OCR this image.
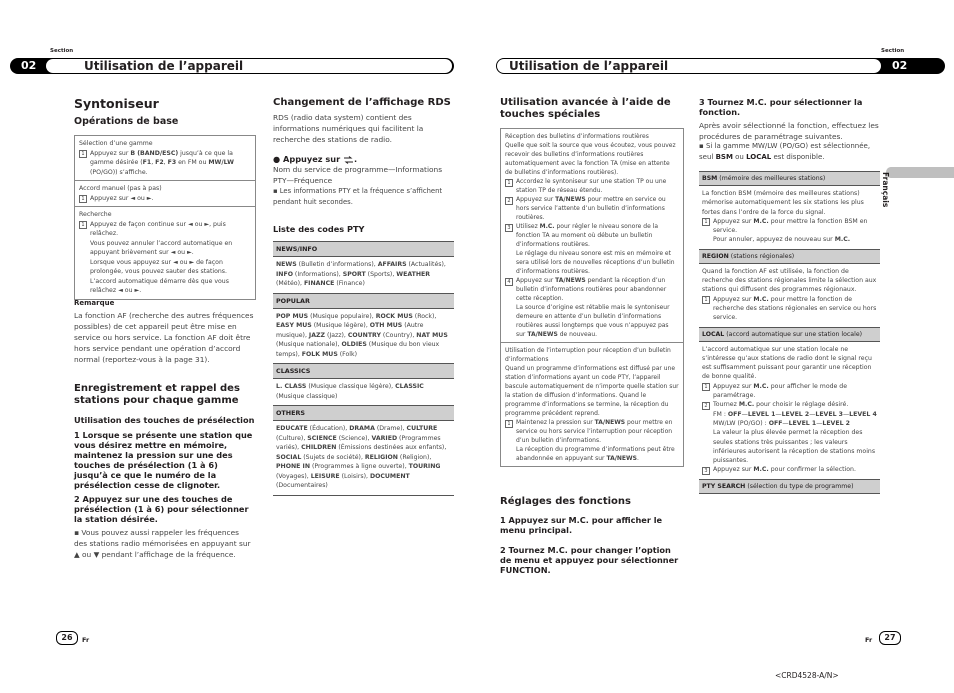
Section	Section
02	Utilisation de l’appareil	Utilisation de l’appareil	02
Syntoniseur
Opérations de base
Sélection d’une gamme
1 Appuyez sur B (BAND/ESC) jusqu’à ce que la gamme désirée (F1, F2, F3 en FM ou MW/LW (PO/GO)) s’affiche.
Accord manuel (pas à pas)
1 Appuyez sur ◄ ou ►.
Recherche
1 Appuyez de façon continue sur ◄ ou ►, puis relâchez.
Vous pouvez annuler l’accord automatique en appuyant brièvement sur ◄ ou ►.
Lorsque vous appuyez sur ◄ ou ► de façon prolongée, vous pouvez sauter des stations. L’accord automatique démarre dès que vous relâchez ◄ ou ►.
Remarque
La fonction AF (recherche des autres fréquences possibles) de cet appareil peut être mise en service ou hors service. La fonction AF doit être hors service pendant une opération d’accord normal (reportez-vous à la page 31).
Enregistrement et rappel des stations pour chaque gamme
Utilisation des touches de présélection
1 Lorsque se présente une station que vous désirez mettre en mémoire, maintenez la pression sur une des touches de présélection (1 à 6) jusqu’à ce que le numéro de la présélection cesse de clignoter.
2 Appuyez sur une des touches de présélection (1 à 6) pour sélectionner la station désirée.
▪ Vous pouvez aussi rappeler les fréquences des stations radio mémorisées en appuyant sur ▲ ou ▼ pendant l’affichage de la fréquence.
Changement de l’affichage RDS
RDS (radio data system) contient des informations numériques qui facilitent la recherche des stations de radio.
● Appuyez sur .
Nom du service de programme—Informations PTY—Fréquence
▪ Les informations PTY et la fréquence s’affichent pendant huit secondes.
Liste des codes PTY
NEWS/INFO
NEWS (Bulletin d’informations), AFFAIRS (Actualités), INFO (Informations), SPORT (Sports), WEATHER (Météo), FINANCE (Finance)
POPULAR
POP MUS (Musique populaire), ROCK MUS (Rock), EASY MUS (Musique légère), OTH MUS (Autre musique), JAZZ (Jazz), COUNTRY (Country), NAT MUS (Musique nationale), OLDIES (Musique du bon vieux temps), FOLK MUS (Folk)
CLASSICS
L. CLASS (Musique classique légère), CLASSIC (Musique classique)
OTHERS
EDUCATE (Éducation), DRAMA (Drame), CULTURE (Culture), SCIENCE (Science), VARIED (Programmes variés), CHILDREN (Émissions destinées aux enfants), SOCIAL (Sujets de société), RELIGION (Religion), PHONE IN (Programmes à ligne ouverte), TOURING (Voyages), LEISURE (Loisirs), DOCUMENT (Documentaires)
Utilisation avancée à l’aide de touches spéciales
Réception des bulletins d’informations routières
Quelle que soit la source que vous écoutez, vous pouvez recevoir des bulletins d’informations routières automatiquement avec la fonction TA (mise en attente de bulletins d’informations routières).
1 Accordez le syntoniseur sur une station TP ou une station TP de réseau étendu.
2 Appuyez sur TA/NEWS pour mettre en service ou hors service l’attente d’un bulletin d’informations routières.
3 Utilisez M.C. pour régler le niveau sonore de la fonction TA au moment où débute un bulletin d’informations routières.
Le réglage du niveau sonore est mis en mémoire et sera utilisé lors de nouvelles réceptions d’un bulletin d’informations routières.
4 Appuyez sur TA/NEWS pendant la réception d’un bulletin d’informations routières pour abandonner cette réception.
La source d’origine est rétablie mais le syntoniseur demeure en attente d’un bulletin d’informations routières aussi longtemps que vous n’appuyez pas sur TA/NEWS de nouveau.
Utilisation de l’interruption pour réception d’un bulletin d’informations
Quand un programme d’informations est diffusé par une station d’informations ayant un code PTY, l’appareil bascule automatiquement de n’importe quelle station sur la station de diffusion d’informations. Quand le programme d’informations se termine, la réception du programme précédent reprend.
1 Maintenez la pression sur TA/NEWS pour mettre en service ou hors service l’interruption pour réception d’un bulletin d’informations.
La réception du programme d’informations peut être abandonnée en appuyant sur TA/NEWS.
Réglages des fonctions
1 Appuyez sur M.C. pour afficher le menu principal.
2 Tournez M.C. pour changer l’option de menu et appuyez pour sélectionner FUNCTION.
3 Tournez M.C. pour sélectionner la fonction.
Après avoir sélectionné la fonction, effectuez les procédures de paramétrage suivantes.
▪ Si la gamme MW/LW (PO/GO) est sélectionnée, seul BSM ou LOCAL est disponible.
BSM (mémoire des meilleures stations)
La fonction BSM (mémoire des meilleures stations) mémorise automatiquement les six stations les plus fortes dans l’ordre de la force du signal.
1 Appuyez sur M.C. pour mettre la fonction BSM en service.
Pour annuler, appuyez de nouveau sur M.C.
REGION (stations régionales)
Quand la fonction AF est utilisée, la fonction de recherche des stations régionales limite la sélection aux stations qui diffusent des programmes régionaux.
1 Appuyez sur M.C. pour mettre la fonction de recherche des stations régionales en service ou hors service.
LOCAL (accord automatique sur une station locale)
L’accord automatique sur une station locale ne s’intéresse qu’aux stations de radio dont le signal reçu est suffisamment puissant pour garantir une réception de bonne qualité.
1 Appuyez sur M.C. pour afficher le mode de paramétrage.
2 Tournez M.C. pour choisir le réglage désiré.
FM : OFF—LEVEL 1—LEVEL 2—LEVEL 3—LEVEL 4
MW/LW (PO/GO) : OFF—LEVEL 1—LEVEL 2
La valeur la plus élevée permet la réception des seules stations très puissantes ; les valeurs inférieures autorisent la réception de stations moins puissantes.
3 Appuyez sur M.C. pour confirmer la sélection.
PTY SEARCH (sélection du type de programme)
Français
26	Fr	Fr	27
<CRD4528-A/N>
